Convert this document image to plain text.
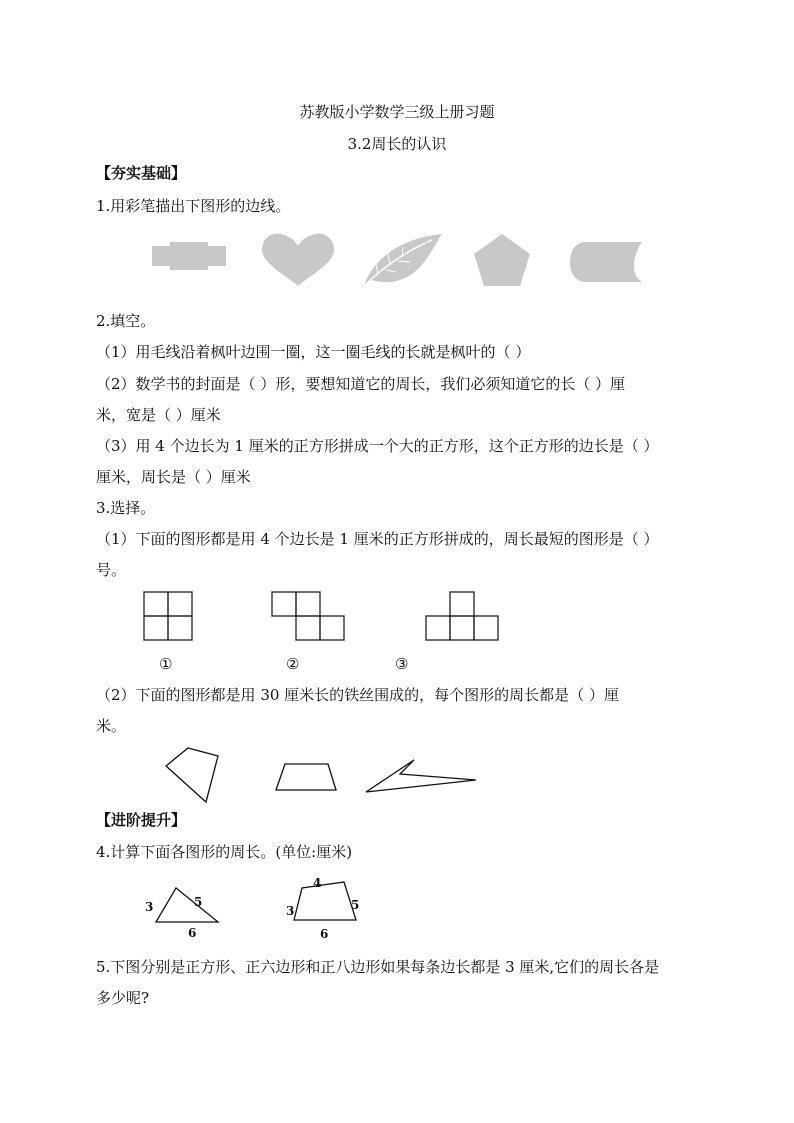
苏教版小学数学三级上册习题
3.2周长的认识
【夯实基础】
1.用彩笔描出下图形的边线。
2.填空。
（1）用毛线沿着枫叶边围一圈，这一圈毛线的长就是枫叶的（ ）
（2）数学书的封面是（ ）形，要想知道它的周长，我们必须知道它的长（ ）厘
米，宽是（ ）厘米
（3）用 4 个边长为 1 厘米的正方形拼成一个大的正方形，这个正方形的边长是（ ）
厘米，周长是（ ）厘米
3.选择。
（1）下面的图形都是用 4 个边长是 1 厘米的正方形拼成的，周长最短的图形是（ ）
号。
①	②	③
（2）下面的图形都是用 30 厘米长的铁丝围成的，每个图形的周长都是（ ）厘
米。
【进阶提升】
4.计算下面各图形的周长。(单位:厘米)
3	5
6
4
3	5
6
5.下图分别是正方形、正六边形和正八边形如果每条边长都是 3 厘米,它们的周长各是
多少呢?
